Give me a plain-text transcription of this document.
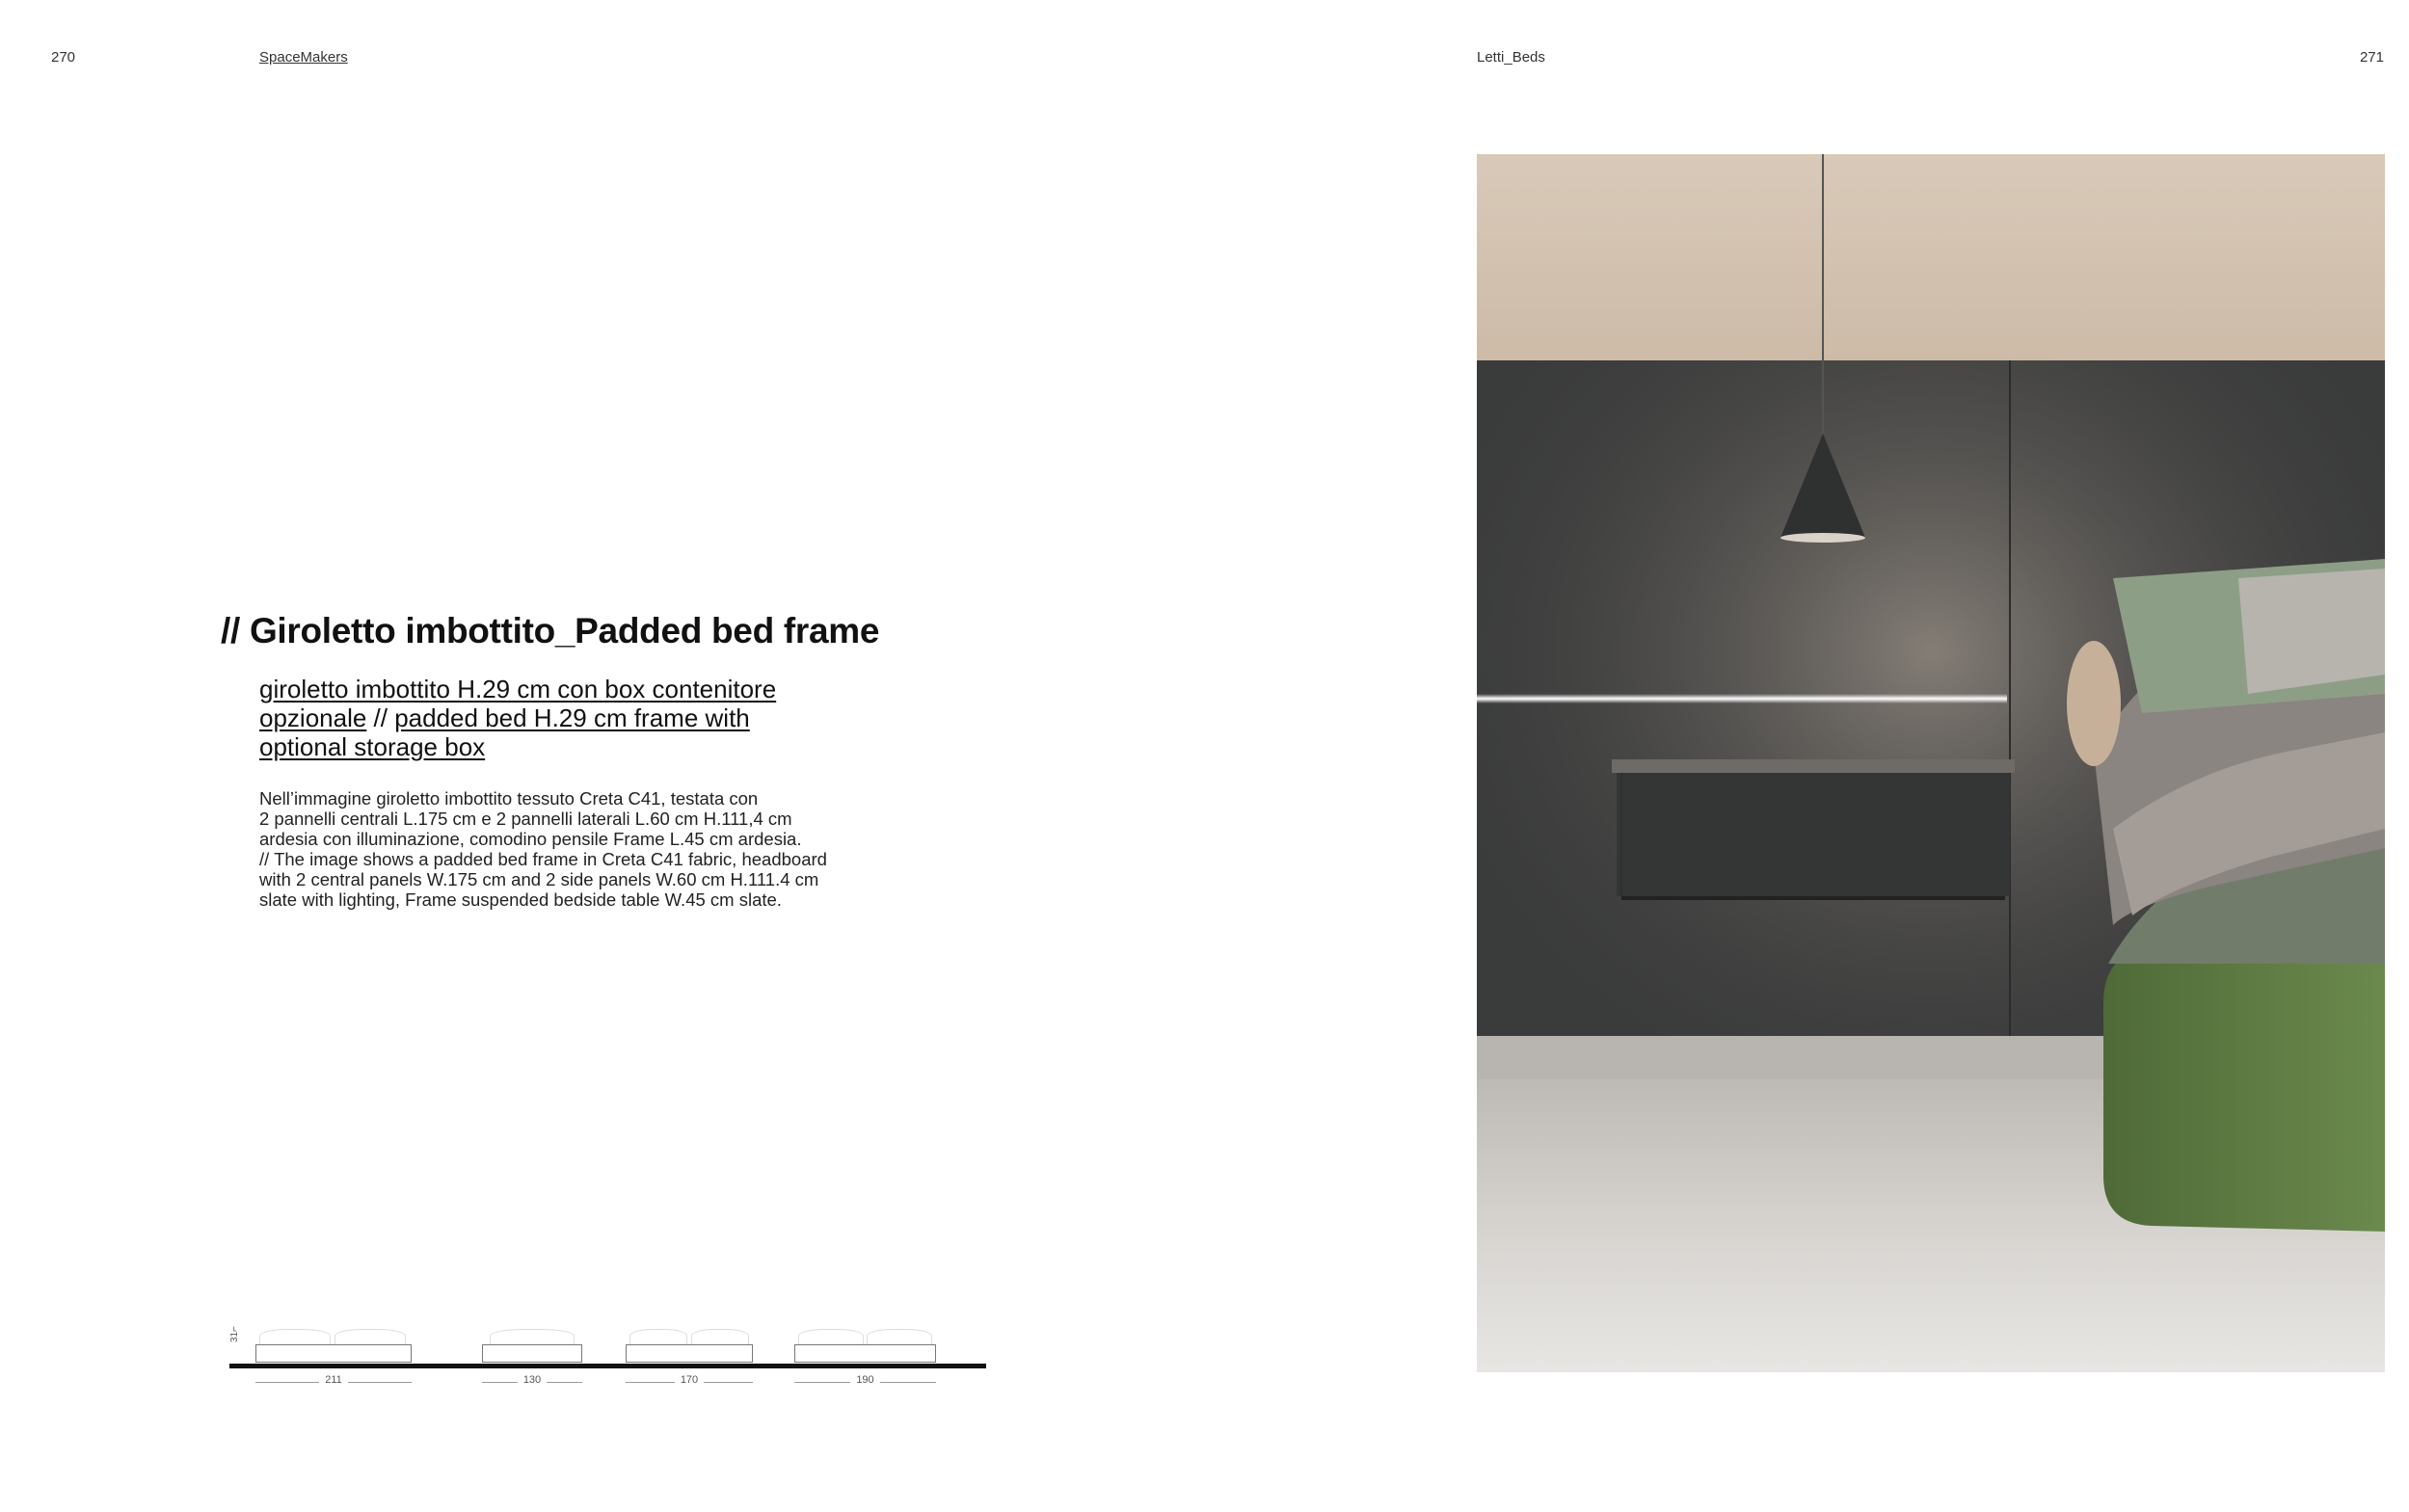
270	SpaceMakers	Letti_Beds	271
// Giroletto imbottito_Padded bed frame
giroletto imbottito H.29 cm con box contenitore opzionale // padded bed H.29 cm frame with optional storage box

Nell’immagine giroletto imbottito tessuto Creta C41, testata con

2 pannelli centrali L.175 cm e 2 pannelli laterali L.60 cm H.111,4 cm

ardesia con illuminazione, comodino pensile Frame L.45 cm ardesia.

// The image shows a padded bed frame in Creta C41 fabric, headboard

with 2 central panels W.175 cm and 2 side panels W.60 cm H.111.4 cm

slate with lighting, Frame suspended bedside table W.45 cm slate.

31⌐
211	130	170	190
